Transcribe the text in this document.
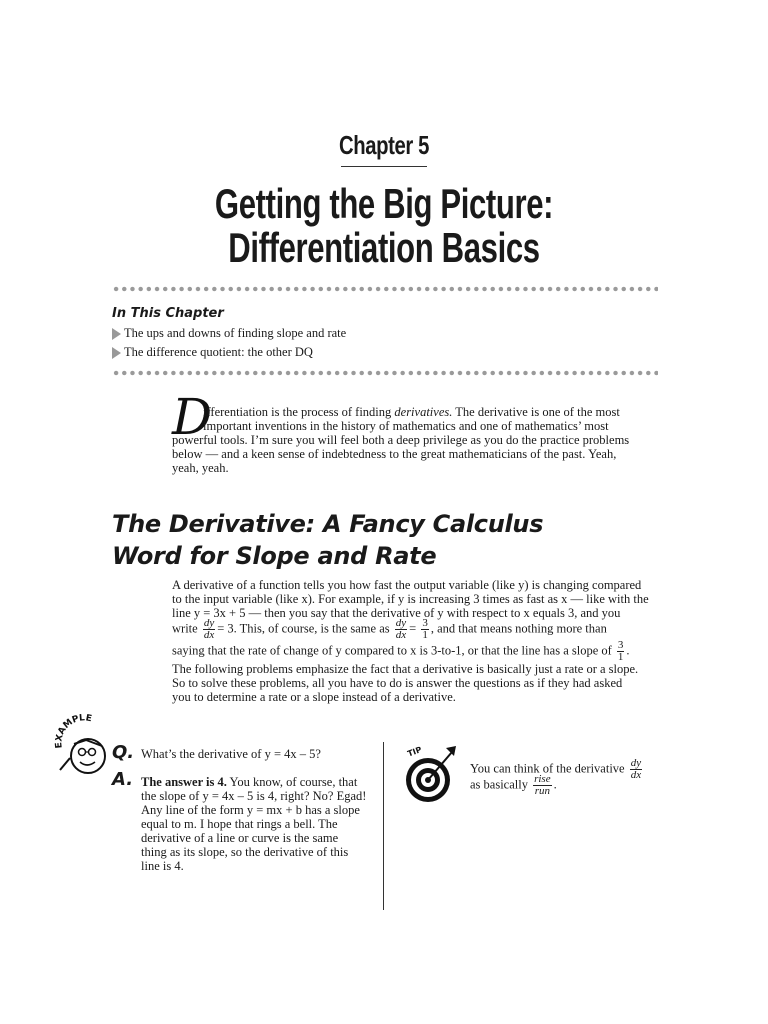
Chapter 5
Getting the Big Picture:
Differentiation Basics
In This Chapter
The ups and downs of finding slope and rate
The difference quotient: the other DQ
D
ifferentiation is the process of finding derivatives. The derivative is one of the most
important inventions in the history of mathematics and one of mathematics’ most
powerful tools. I’m sure you will feel both a deep privilege as you do the practice problems
below — and a keen sense of indebtedness to the great mathematicians of the past. Yeah,
yeah, yeah.
The Derivative: A Fancy Calculus
Word for Slope and Rate
A derivative of a function tells you how fast the output variable (like y) is changing compared
to the input variable (like x). For example, if y is increasing 3 times as fast as x — like with the
line y = 3x + 5 — then you say that the derivative of y with respect to x equals 3, and you
write $\frac{dy}{dx} = 3$. This, of course, is the same as $\frac{dy}{dx} = \frac{3}{1}$ , and that means nothing more than
saying that the rate of change of y compared to x is 3-to-1, or that the line has a slope of $\frac{3}{1}$ .
The following problems emphasize the fact that a derivative is basically just a rate or a slope.
So to solve these problems, all you have to do is answer the questions as if they had asked
you to determine a rate or a slope instead of a derivative.
EXAMPLE
Q. What’s the derivative of y = 4x – 5?
A. The answer is 4. You know, of course, that
the slope of y = 4x – 5 is 4, right? No? Egad!
Any line of the form y = mx + b has a slope
equal to m. I hope that rings a bell. The
derivative of a line or curve is the same
thing as its slope, so the derivative of this
line is 4.
TIP
You can think of the derivative $\frac{dy}{dx}$
as basically $\frac{\text{rise}}{\text{run}}$ .
